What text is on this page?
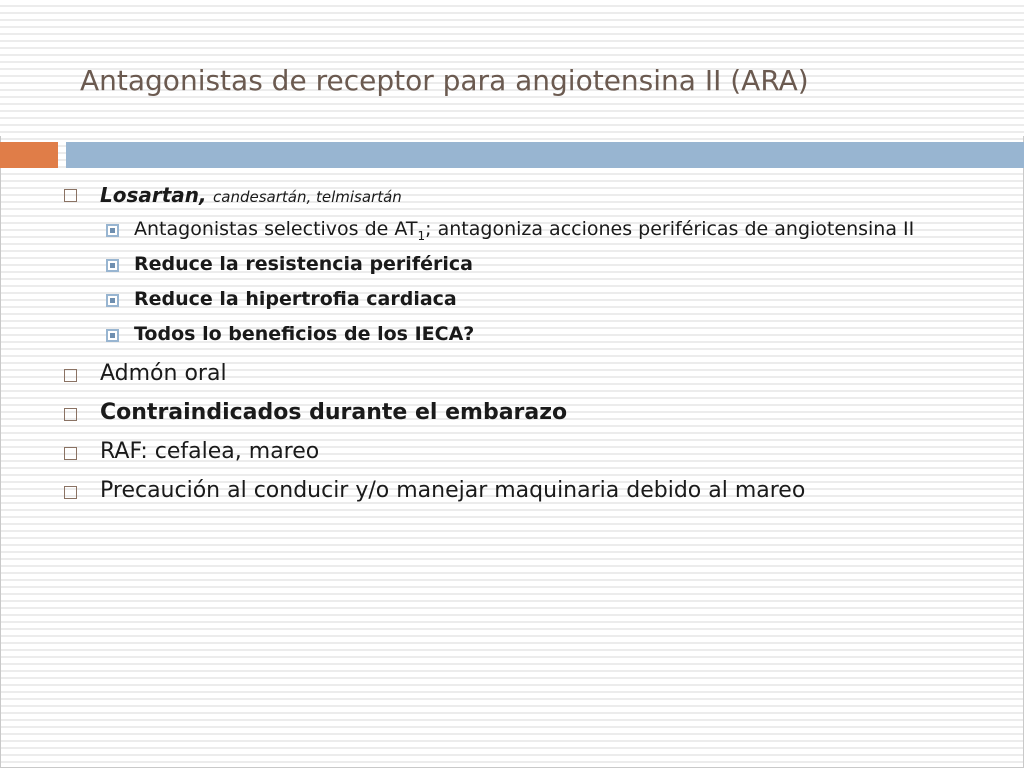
Antagonistas de receptor para angiotensina II (ARA)
Losartan, candesartán, telmisartán
Antagonistas selectivos de $AT_1$; antagoniza acciones periféricas de angiotensina II
Reduce la resistencia periférica
Reduce la hipertrofia cardiaca
Todos lo beneficios de los IECA?
Admón oral
Contraindicados durante el embarazo
RAF: cefalea, mareo
Precaución al conducir y/o manejar maquinaria debido al mareo
